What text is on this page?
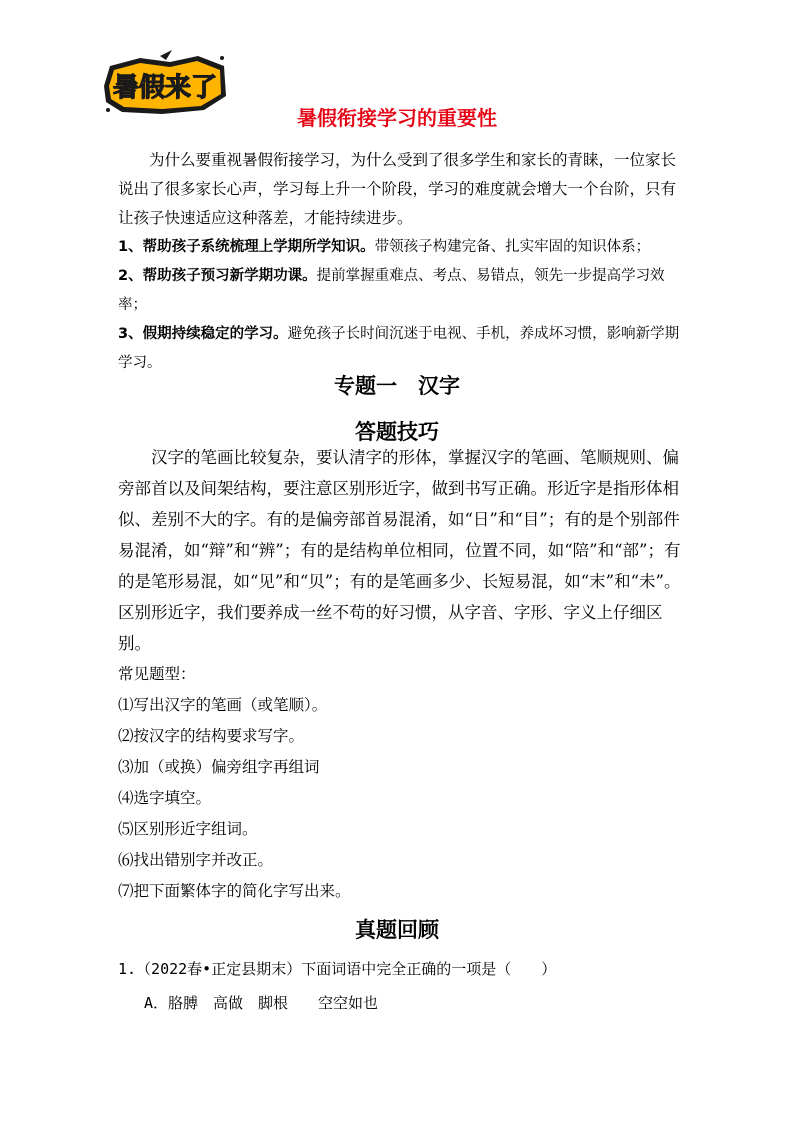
暑假来了
暑假衔接学习的重要性

为什么要重视暑假衔接学习，为什么受到了很多学生和家长的青睐，一位家长说出了很多家长心声，学习每上升一个阶段，学习的难度就会增大一个台阶，只有让孩子快速适应这种落差，才能持续进步。

1、帮助孩子系统梳理上学期所学知识。带领孩子构建完备、扎实牢固的知识体系；

2、帮助孩子预习新学期功课。提前掌握重难点、考点、易错点，领先一步提高学习效率；

3、假期持续稳定的学习。避免孩子长时间沉迷于电视、手机，养成坏习惯，影响新学期学习。

专题一　汉字
答题技巧

汉字的笔画比较复杂，要认清字的形体，掌握汉字的笔画、笔顺规则、偏旁部首以及间架结构，要注意区别形近字，做到书写正确。形近字是指形体相似、差别不大的字。有的是偏旁部首易混淆，如“日”和“目”；有的是个别部件易混淆，如“辩”和“辨”；有的是结构单位相同，位置不同，如“陪”和“部”；有的是笔形易混，如“见”和“贝”；有的是笔画多少、长短易混，如“末”和“未”。

区别形近字，我们要养成一丝不苟的好习惯，从字音、字形、字义上仔细区别。

常见题型：

⑴写出汉字的笔画（或笔顺）。

⑵按汉字的结构要求写字。

⑶加（或换）偏旁组字再组词

⑷选字填空。

⑸区别形近字组词。

⑹找出错别字并改正。

⑺把下面繁体字的简化字写出来。

真题回顾

1.（2022春•正定县期末）下面词语中完全正确的一项是（　　）

A．胳膊　高做　脚根　　空空如也
